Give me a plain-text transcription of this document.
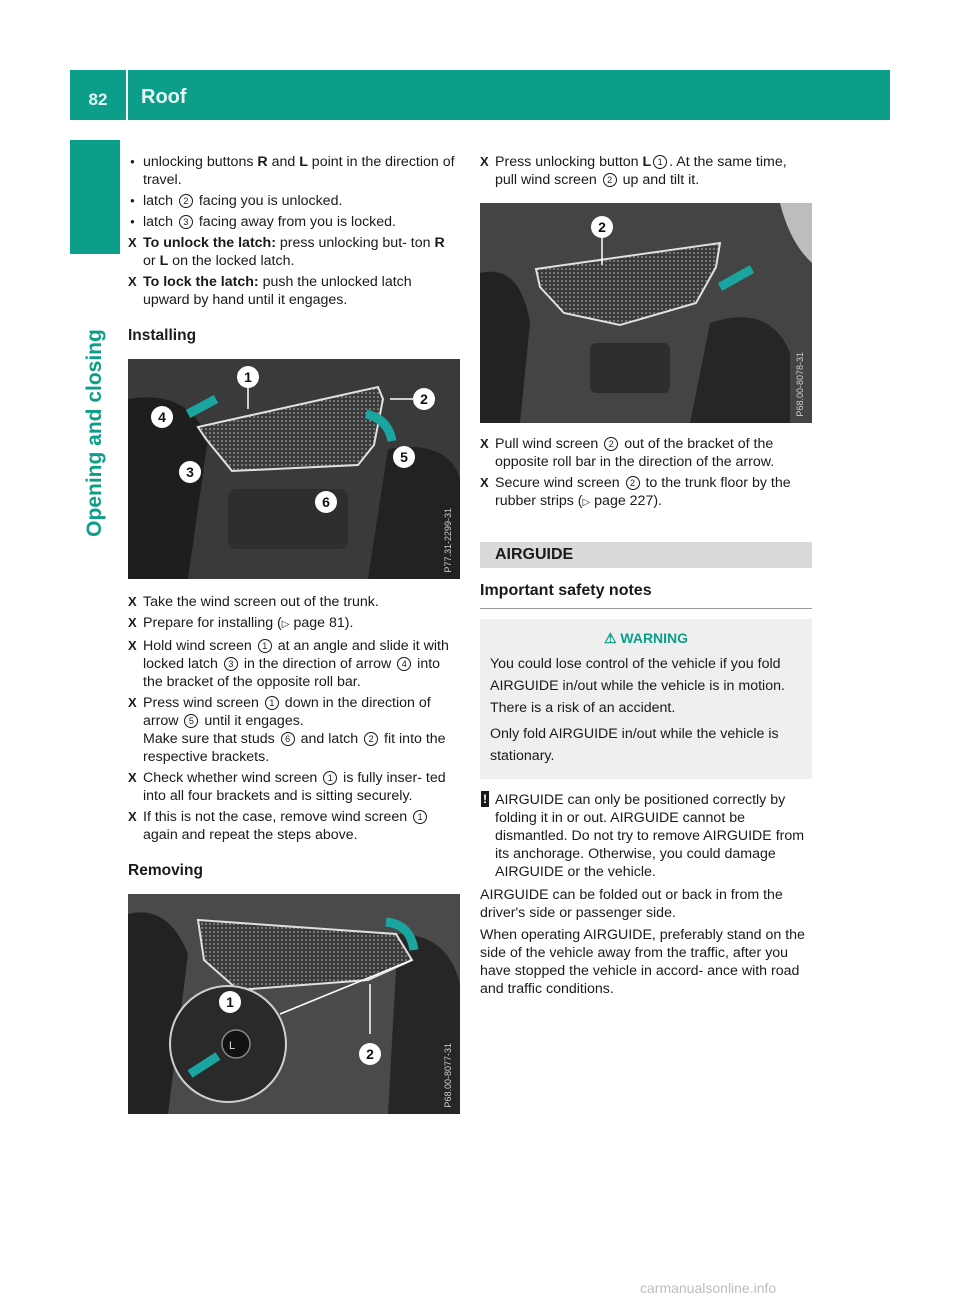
82	Roof
Opening and closing
● unlocking buttons R and L point in the direction of travel.
● latch 2 facing you is unlocked.
● latch 3 facing away from you is locked.
X To unlock the latch: press unlocking but- ton R or L on the locked latch.
X To lock the latch: push the unlocked latch upward by hand until it engages.
Installing
1
2
4
5
3
6
P77.31-2299-31
X Take the wind screen out of the trunk.
X Prepare for installing (▷ page 81).
X Hold wind screen 1 at an angle and slide it with locked latch 3 in the direction of arrow 4 into the bracket of the opposite roll bar.
X Press wind screen 1 down in the direction of arrow 5 until it engages.
Make sure that studs 6 and latch 2 fit into the respective brackets.
X Check whether wind screen 1 is fully inser- ted into all four brackets and is sitting securely.
X If this is not the case, remove wind screen 1 again and repeat the steps above.
Removing
1
2
L	P68.00-8077-31
X Press unlocking button L 1 . At the same time, pull wind screen 2 up and tilt it.
2
P68.00-8078-31
X Pull wind screen 2 out of the bracket of the opposite roll bar in the direction of the arrow.
X Secure wind screen 2 to the trunk floor by the rubber strips (▷ page 227).
AIRGUIDE
Important safety notes
⚠ WARNING

You could lose control of the vehicle if you fold AIRGUIDE in/out while the vehicle is in motion. There is a risk of an accident.

Only fold AIRGUIDE in/out while the vehicle is stationary.

! AIRGUIDE can only be positioned correctly by folding it in or out. AIRGUIDE cannot be dismantled. Do not try to remove AIRGUIDE from its anchorage. Otherwise, you could damage AIRGUIDE or the vehicle.
AIRGUIDE can be folded out or back in from the driver's side or passenger side.
When operating AIRGUIDE, preferably stand on the side of the vehicle away from the traffic, after you have stopped the vehicle in accord- ance with road and traffic conditions.
carmanualsonline.info
